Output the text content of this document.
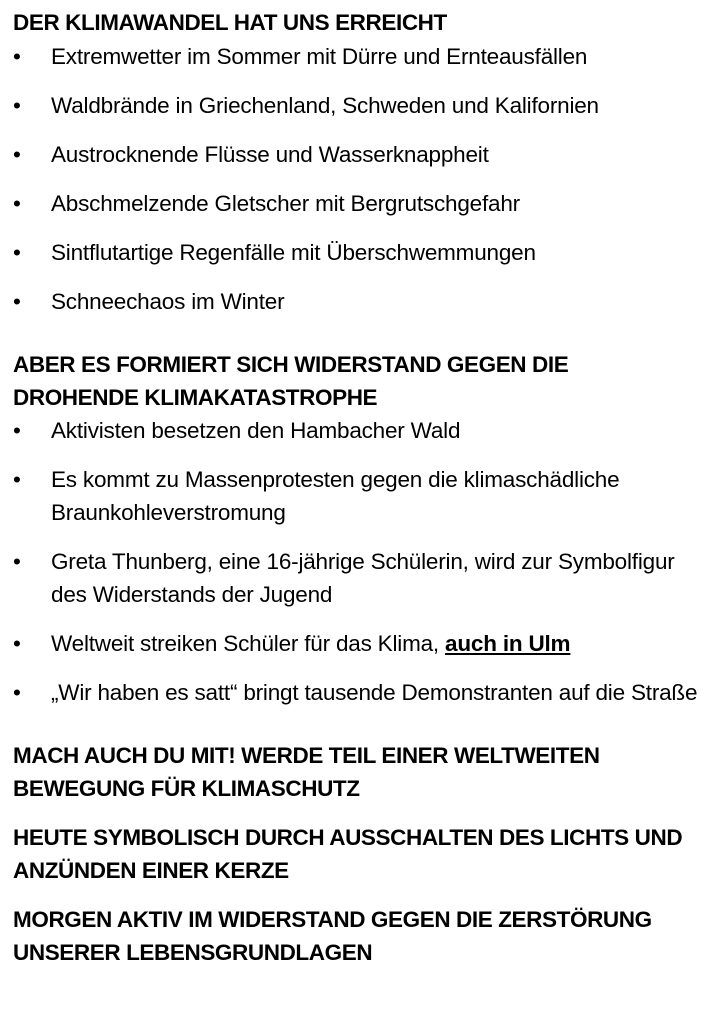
DER KLIMAWANDEL HAT UNS ERREICHT
• Extremwetter im Sommer mit Dürre und Ernteausfällen
• Waldbrände in Griechenland, Schweden und Kalifornien
• Austrocknende Flüsse und Wasserknappheit
• Abschmelzende Gletscher mit Bergrutschgefahr
• Sintflutartige Regenfälle mit Überschwemmungen
• Schneechaos im Winter
ABER ES FORMIERT SICH WIDERSTAND GEGEN DIE
DROHENDE KLIMAKATASTROPHE
• Aktivisten besetzen den Hambacher Wald
• Es kommt zu Massenprotesten gegen die klimaschädliche Braunkohleverstromung
• Greta Thunberg, eine 16-jährige Schülerin, wird zur Symbolfigur des Widerstands der Jugend
• Weltweit streiken Schüler für das Klima, auch in Ulm
• „Wir haben es satt“ bringt tausende Demonstranten auf die Straße
MACH AUCH DU MIT! WERDE TEIL EINER WELTWEITEN
BEWEGUNG FÜR KLIMASCHUTZ
HEUTE SYMBOLISCH DURCH AUSSCHALTEN DES LICHTS UND
ANZÜNDEN EINER KERZE
MORGEN AKTIV IM WIDERSTAND GEGEN DIE ZERSTÖRUNG
UNSERER LEBENSGRUNDLAGEN
